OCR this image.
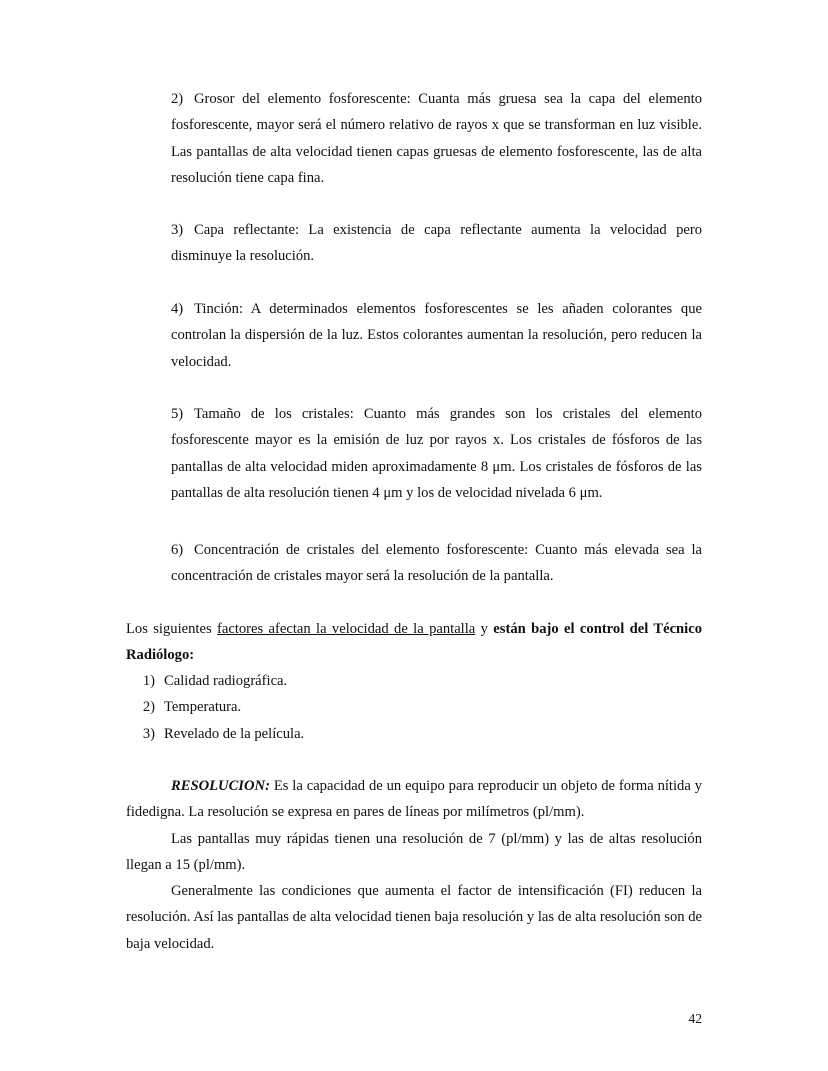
2) Grosor del elemento fosforescente: Cuanta más gruesa sea la capa del elemento fosforescente, mayor será el número relativo de rayos x que se transforman en luz visible. Las pantallas de alta velocidad tienen capas gruesas de elemento fosforescente, las de alta resolución tiene capa fina.

3) Capa reflectante: La existencia de capa reflectante aumenta la velocidad pero disminuye la resolución.

4) Tinción: A determinados elementos fosforescentes se les añaden colorantes que controlan la dispersión de la luz. Estos colorantes aumentan la resolución, pero reducen la velocidad.

5) Tamaño de los cristales: Cuanto más grandes son los cristales del elemento fosforescente mayor es la emisión de luz por rayos x. Los cristales de fósforos de las pantallas de alta velocidad miden aproximadamente 8 μm. Los cristales de fósforos de las pantallas de alta resolución tienen 4 μm y los de velocidad nivelada 6 μm.

6) Concentración de cristales del elemento fosforescente: Cuanto más elevada sea la concentración de cristales mayor será la resolución de la pantalla.

Los siguientes factores afectan la velocidad de la pantalla y están bajo el control del Técnico Radiólogo:

1) Calidad radiográfica.
2) Temperatura.
3) Revelado de la película.

RESOLUCION: Es la capacidad de un equipo para reproducir un objeto de forma nítida y fidedigna. La resolución se expresa en pares de líneas por milímetros (pl/mm).

Las pantallas muy rápidas tienen una resolución de 7 (pl/mm) y las de altas resolución llegan a 15 (pl/mm).

Generalmente las condiciones que aumenta el factor de intensificación (FI) reducen la resolución. Así las pantallas de alta velocidad tienen baja resolución y las de alta resolución son de baja velocidad.

42
